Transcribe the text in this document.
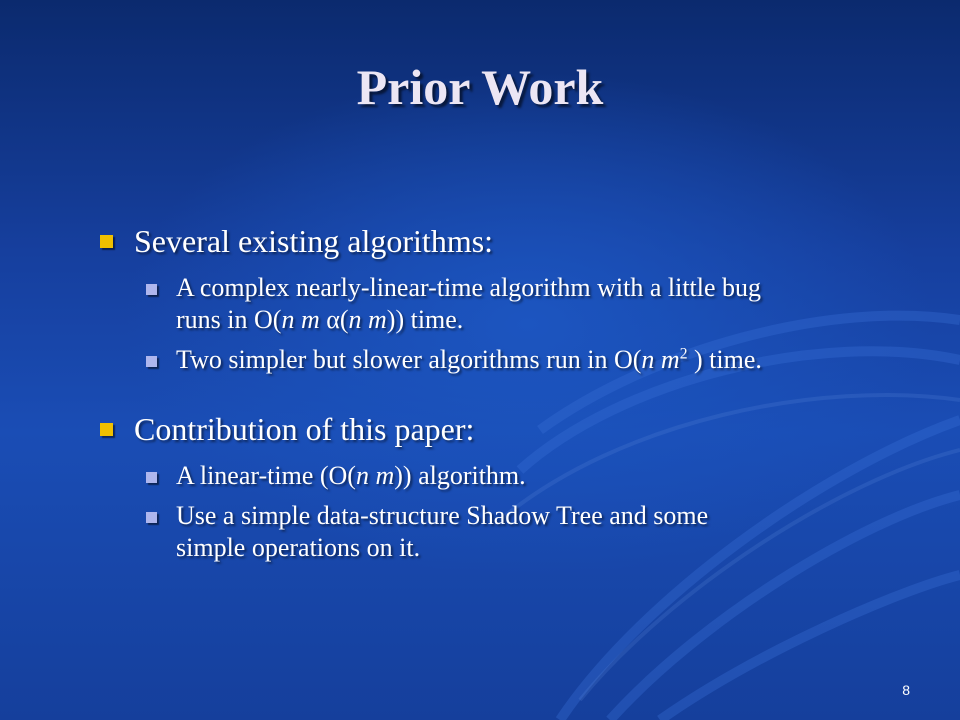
Prior Work
Several existing algorithms:
A complex nearly-linear-time algorithm with a little bug
runs in O(n m α(n m)) time.
Two simpler but slower algorithms run in O(n $m^2$ ) time.
Contribution of this paper:
A linear-time (O(n m)) algorithm.
Use a simple data-structure Shadow Tree and some
simple operations on it.
8
